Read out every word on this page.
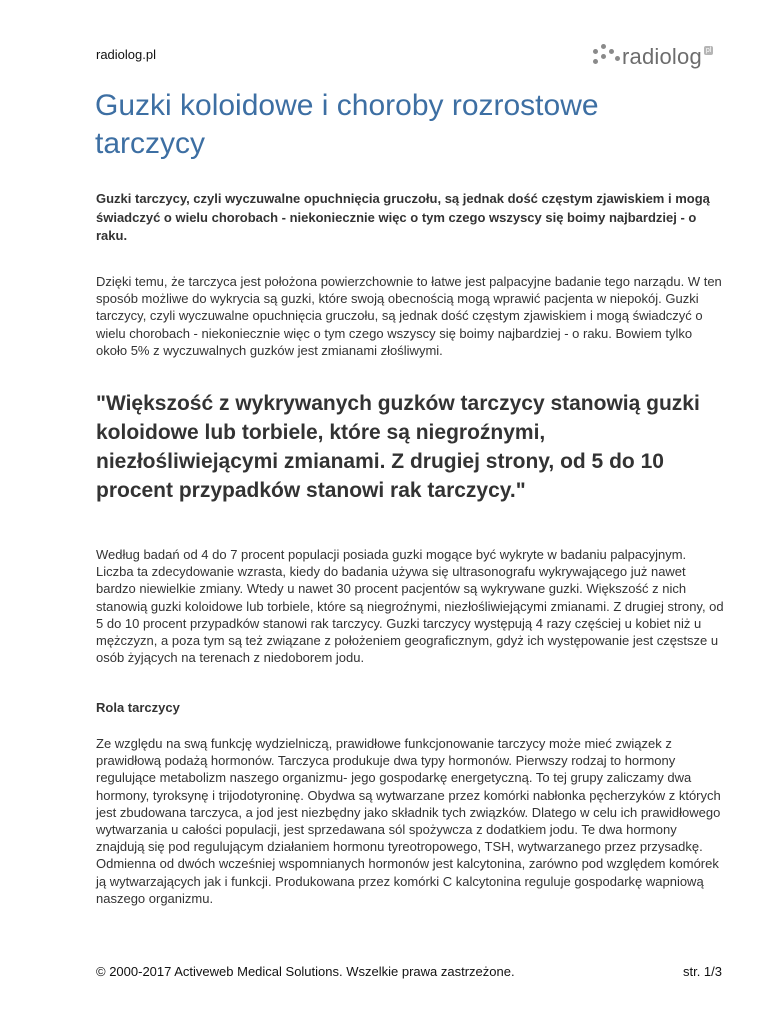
radiolog.pl	radiolog pl
Guzki koloidowe i choroby rozrostowe tarczycy

Guzki tarczycy, czyli wyczuwalne opuchnięcia gruczołu, są jednak dość częstym zjawiskiem i mogą świadczyć o wielu chorobach - niekoniecznie więc o tym czego wszyscy się boimy najbardziej - o raku.

Dzięki temu, że tarczyca jest położona powierzchownie to łatwe jest palpacyjne badanie tego narządu. W ten sposób możliwe do wykrycia są guzki, które swoją obecnością mogą wprawić pacjenta w niepokój. Guzki tarczycy, czyli wyczuwalne opuchnięcia gruczołu, są jednak dość częstym zjawiskiem i mogą świadczyć o wielu chorobach - niekoniecznie więc o tym czego wszyscy się boimy najbardziej - o raku. Bowiem tylko około 5% z wyczuwalnych guzków jest zmianami złośliwymi.

"Większość z wykrywanych guzków tarczycy stanowią guzki koloidowe lub torbiele, które są niegroźnymi, niezłośliwiejącymi zmianami. Z drugiej strony, od 5 do 10 procent przypadków stanowi rak tarczycy."

Według badań od 4 do 7 procent populacji posiada guzki mogące być wykryte w badaniu palpacyjnym. Liczba ta zdecydowanie wzrasta, kiedy do badania używa się ultrasonografu wykrywającego już nawet bardzo niewielkie zmiany. Wtedy u nawet 30 procent pacjentów są wykrywane guzki. Większość z nich stanowią guzki koloidowe lub torbiele, które są niegroźnymi, niezłośliwiejącymi zmianami. Z drugiej strony, od 5 do 10 procent przypadków stanowi rak tarczycy. Guzki tarczycy występują 4 razy częściej u kobiet niż u mężczyzn, a poza tym są też związane z położeniem geograficznym, gdyż ich występowanie jest częstsze u osób żyjących na terenach z niedoborem jodu.

Rola tarczycy

Ze względu na swą funkcję wydzielniczą, prawidłowe funkcjonowanie tarczycy może mieć związek z prawidłową podażą hormonów. Tarczyca produkuje dwa typy hormonów. Pierwszy rodzaj to hormony regulujące metabolizm naszego organizmu- jego gospodarkę energetyczną. To tej grupy zaliczamy dwa hormony, tyroksynę i trijodotyroninę. Obydwa są wytwarzane przez komórki nabłonka pęcherzyków z których jest zbudowana tarczyca, a jod jest niezbędny jako składnik tych związków. Dlatego w celu ich prawidłowego wytwarzania u całości populacji, jest sprzedawana sól spożywcza z dodatkiem jodu. Te dwa hormony znajdują się pod regulującym działaniem hormonu tyreotropowego, TSH, wytwarzanego przez przysadkę. Odmienna od dwóch wcześniej wspomnianych hormonów jest kalcytonina, zarówno pod względem komórek ją wytwarzających jak i funkcji. Produkowana przez komórki C kalcytonina reguluje gospodarkę wapniową naszego organizmu.

© 2000-2017 Activeweb Medical Solutions. Wszelkie prawa zastrzeżone.	str. 1/3
